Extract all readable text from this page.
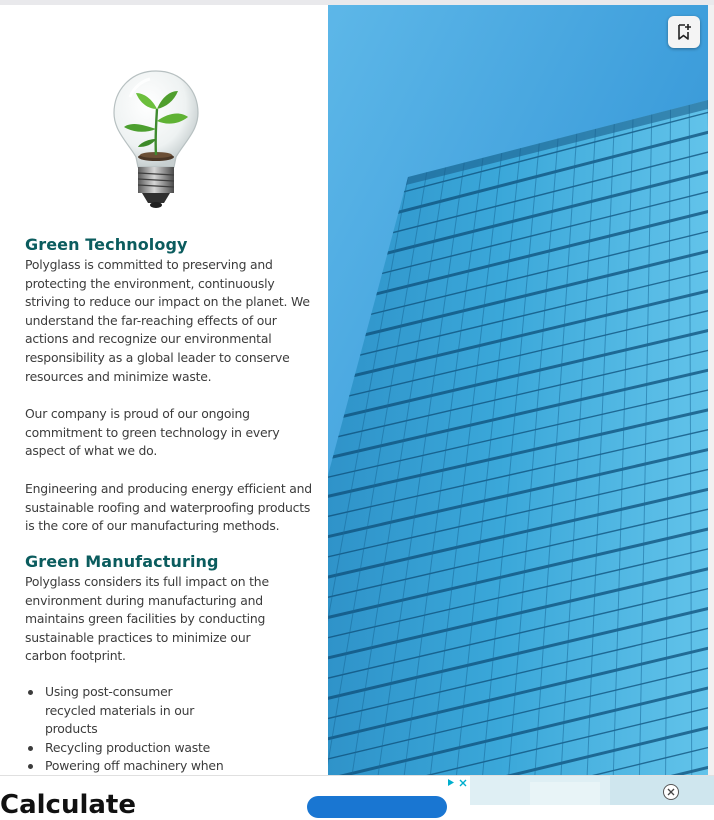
Green Technology

Polyglass is committed to preserving and protecting the environment, continuously striving to reduce our impact on the planet. We understand the far-reaching effects of our actions and recognize our environmental responsibility as a global leader to conserve resources and minimize waste.

Our company is proud of our ongoing commitment to green technology in every aspect of what we do.

Engineering and producing energy efficient and sustainable roofing and waterproofing products is the core of our manufacturing methods.

Green Manufacturing

Polyglass considers its full impact on the environment during manufacturing and maintains green facilities by conducting sustainable practices to minimize our carbon footprint.

Using post-consumer recycled materials in our products
Recycling production waste
Powering off machinery when

Calculate
